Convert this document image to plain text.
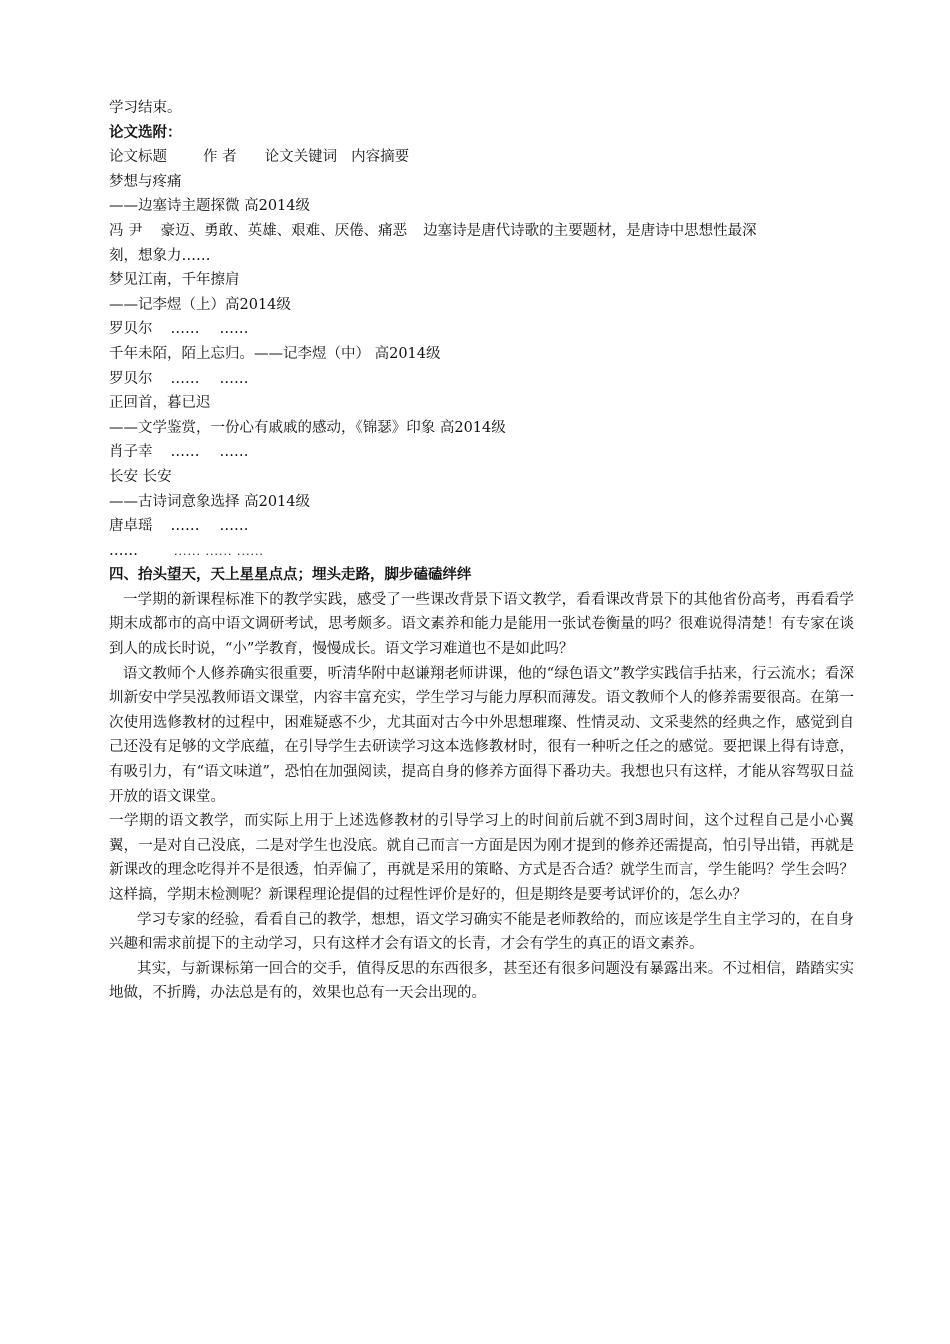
学习结束。
论文选附：
论文标题 作 者 论文关键词 内容摘要
梦想与疼痛
——边塞诗主题探微 高2014级
冯 尹 豪迈、勇敢、英雄、艰难、厌倦、痛恶 边塞诗是唐代诗歌的主要题材，是唐诗中思想性最深
刻，想象力……
梦见江南，千年擦肩
——记李煜（上）高2014级
罗贝尔 …… ……
千年未陌，陌上忘归。——记李煜（中） 高2014级
罗贝尔 …… ……
正回首，暮已迟
——文学鉴赏，一份心有戚戚的感动，《锦瑟》印象 高2014级
肖子幸 …… ……
长安 长安
——古诗词意象选择 高2014级
唐卓瑶 …… ……
……	...... ...... ......
四、抬头望天，天上星星点点；埋头走路，脚步磕磕绊绊
一学期的新课程标准下的教学实践，感受了一些课改背景下语文教学，看看课改背景下的其他省份高考，再看看学期末成都市的高中语文调研考试，思考颇多。语文素养和能力是能用一张试卷衡量的吗？很难说得清楚！有专家在谈到人的成长时说，“小”学教育，慢慢成长。语文学习难道也不是如此吗？
语文教师个人修养确实很重要，听清华附中赵谦翔老师讲课，他的“绿色语文”教学实践信手拈来，行云流水；看深圳新安中学吴泓教师语文课堂，内容丰富充实，学生学习与能力厚积而薄发。语文教师个人的修养需要很高。在第一次使用选修教材的过程中，困难疑惑不少，尤其面对古今中外思想璀璨、性情灵动、文采斐然的经典之作，感觉到自己还没有足够的文学底蕴，在引导学生去研读学习这本选修教材时，很有一种听之任之的感觉。要把课上得有诗意，有吸引力，有“语文味道”，恐怕在加强阅读，提高自身的修养方面得下番功夫。我想也只有这样，才能从容驾驭日益开放的语文课堂。
一学期的语文教学，而实际上用于上述选修教材的引导学习上的时间前后就不到3周时间，这个过程自己是小心翼翼，一是对自己没底，二是对学生也没底。就自己而言一方面是因为刚才提到的修养还需提高，怕引导出错，再就是新课改的理念吃得并不是很透，怕弄偏了，再就是采用的策略、方式是否合适？就学生而言，学生能吗？学生会吗？这样搞，学期末检测呢？新课程理论提倡的过程性评价是好的，但是期终是要考试评价的，怎么办？
学习专家的经验，看看自己的教学，想想，语文学习确实不能是老师教给的，而应该是学生自主学习的，在自身兴趣和需求前提下的主动学习，只有这样才会有语文的长青，才会有学生的真正的语文素养。
其实，与新课标第一回合的交手，值得反思的东西很多，甚至还有很多问题没有暴露出来。不过相信，踏踏实实地做，不折腾，办法总是有的，效果也总有一天会出现的。
